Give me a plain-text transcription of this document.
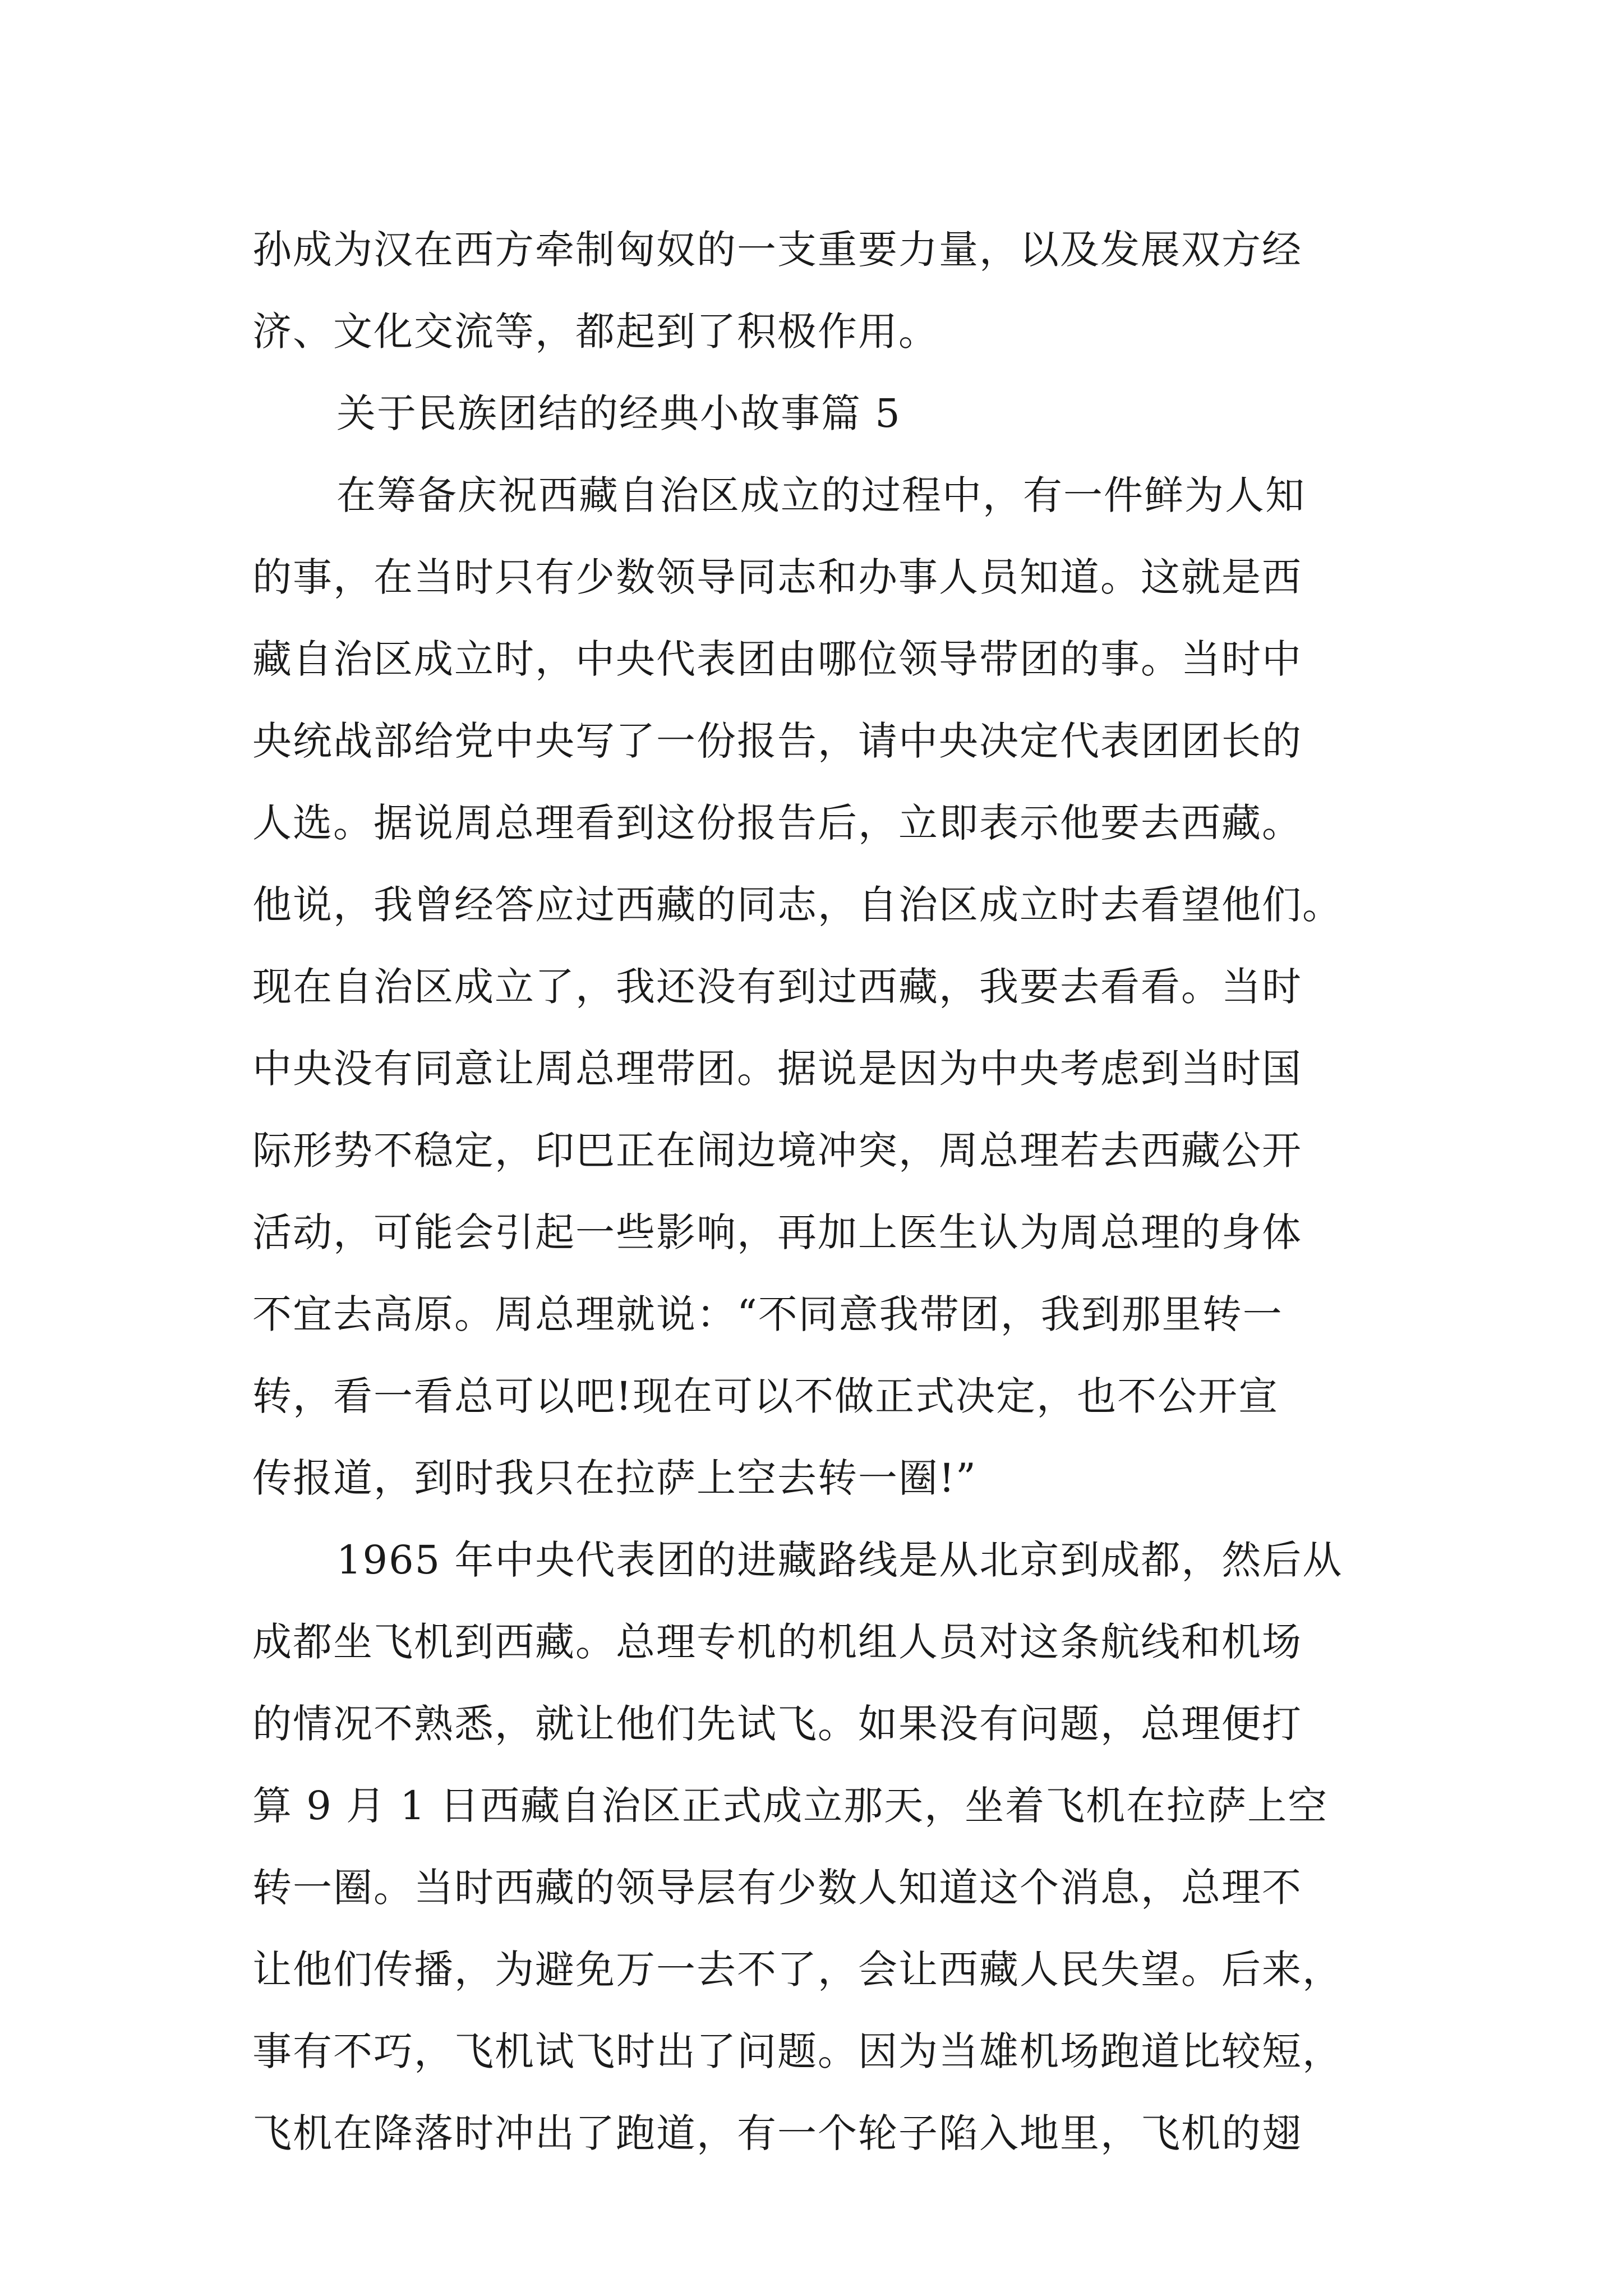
孙成为汉在西方牵制匈奴的一支重要力量，以及发展双方经
济、文化交流等，都起到了积极作用。
关于民族团结的经典小故事篇 5
在筹备庆祝西藏自治区成立的过程中，有一件鲜为人知
的事，在当时只有少数领导同志和办事人员知道。这就是西
藏自治区成立时，中央代表团由哪位领导带团的事。当时中
央统战部给党中央写了一份报告，请中央决定代表团团长的
人选。据说周总理看到这份报告后，立即表示他要去西藏。
他说，我曾经答应过西藏的同志，自治区成立时去看望他们。
现在自治区成立了，我还没有到过西藏，我要去看看。当时
中央没有同意让周总理带团。据说是因为中央考虑到当时国
际形势不稳定，印巴正在闹边境冲突，周总理若去西藏公开
活动，可能会引起一些影响，再加上医生认为周总理的身体
不宜去高原。周总理就说：“不同意我带团，我到那里转一
转，看一看总可以吧!现在可以不做正式决定，也不公开宣
传报道，到时我只在拉萨上空去转一圈!”
1965 年中央代表团的进藏路线是从北京到成都，然后从
成都坐飞机到西藏。总理专机的机组人员对这条航线和机场
的情况不熟悉，就让他们先试飞。如果没有问题，总理便打
算 9 月 1 日西藏自治区正式成立那天，坐着飞机在拉萨上空
转一圈。当时西藏的领导层有少数人知道这个消息，总理不
让他们传播，为避免万一去不了，会让西藏人民失望。后来，
事有不巧，飞机试飞时出了问题。因为当雄机场跑道比较短，
飞机在降落时冲出了跑道，有一个轮子陷入地里，飞机的翅
